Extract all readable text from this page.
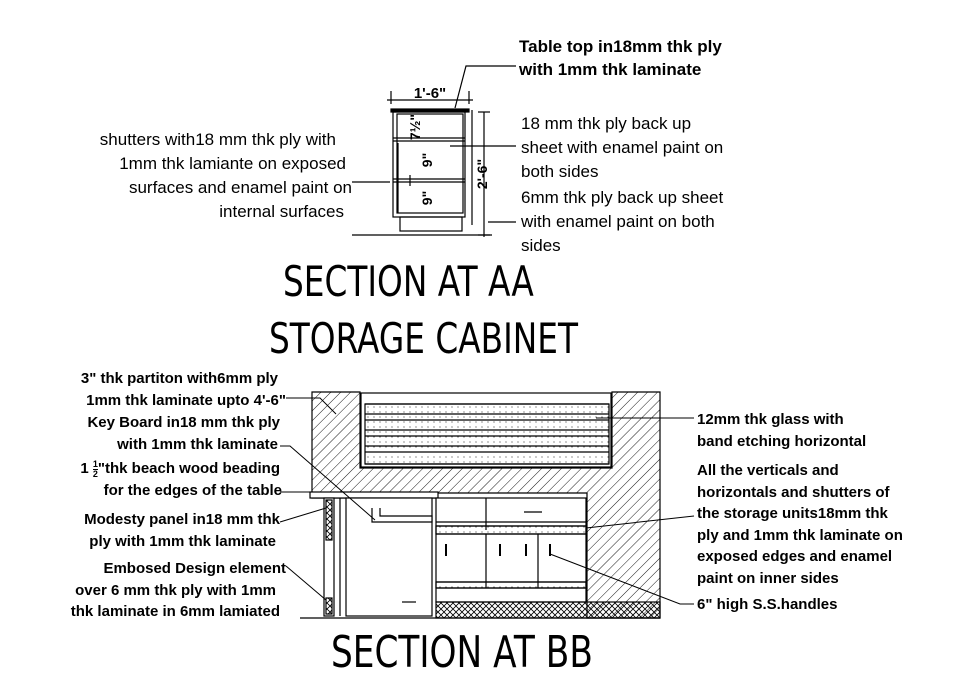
7½"
9"
9"
2'-6"
1'-6"
Table top in18mm thk ply
with 1mm thk laminate
18 mm thk ply back up
sheet with enamel paint on
both sides
6mm thk ply back up sheet
with enamel paint on both
sides
shutters with18 mm thk ply with
1mm thk lamiante on exposed
surfaces and enamel paint on
internal surfaces
SECTION AT AA
STORAGE CABINET
3" thk partiton with6mm ply
1mm thk laminate upto 4'-6"
Key Board in18 mm thk ply
with 1mm thk laminate
$1 \frac{1}{2}$ "thk beach wood beading
for the edges of the table
Modesty panel in18 mm thk
ply with 1mm thk laminate
Embosed Design element
over 6 mm thk ply with 1mm
thk laminate in 6mm lamiated
12mm thk glass with
band etching horizontal
All the verticals and
horizontals and shutters of
the storage units18mm thk
ply and 1mm thk laminate on
exposed edges and enamel
paint on inner sides
6" high S.S.handles
SECTION AT BB
